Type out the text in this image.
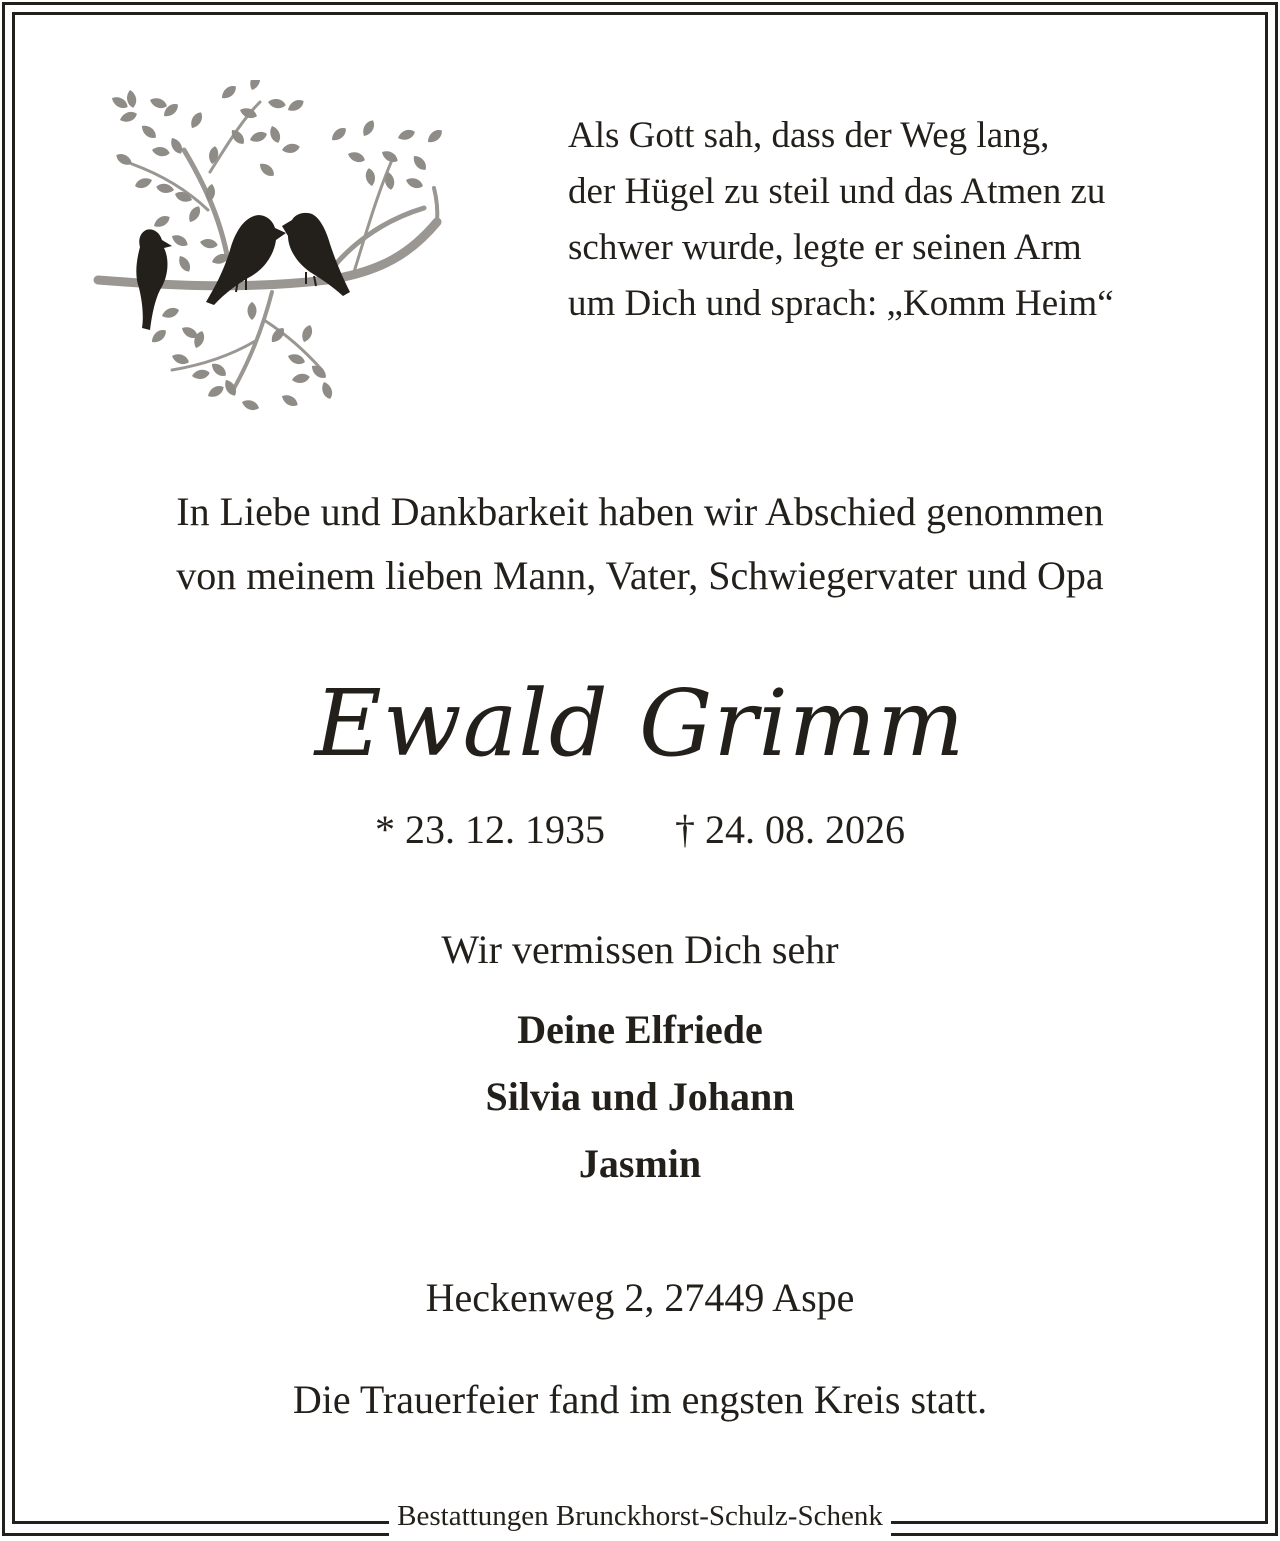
Als Gott sah, dass der Weg lang,
der Hügel zu steil und das Atmen zu
schwer wurde, legte er seinen Arm
um Dich und sprach: „Komm Heim“
In Liebe und Dankbarkeit haben wir Abschied genommen
von meinem lieben Mann, Vater, Schwiegervater und Opa
Ewald Grimm
* 23. 12. 1935 † 24. 08. 2026
Wir vermissen Dich sehr
Deine Elfriede
Silvia und Johann
Jasmin
Heckenweg 2, 27449 Aspe
Die Trauerfeier fand im engsten Kreis statt.
Bestattungen Brunckhorst-Schulz-Schenk
